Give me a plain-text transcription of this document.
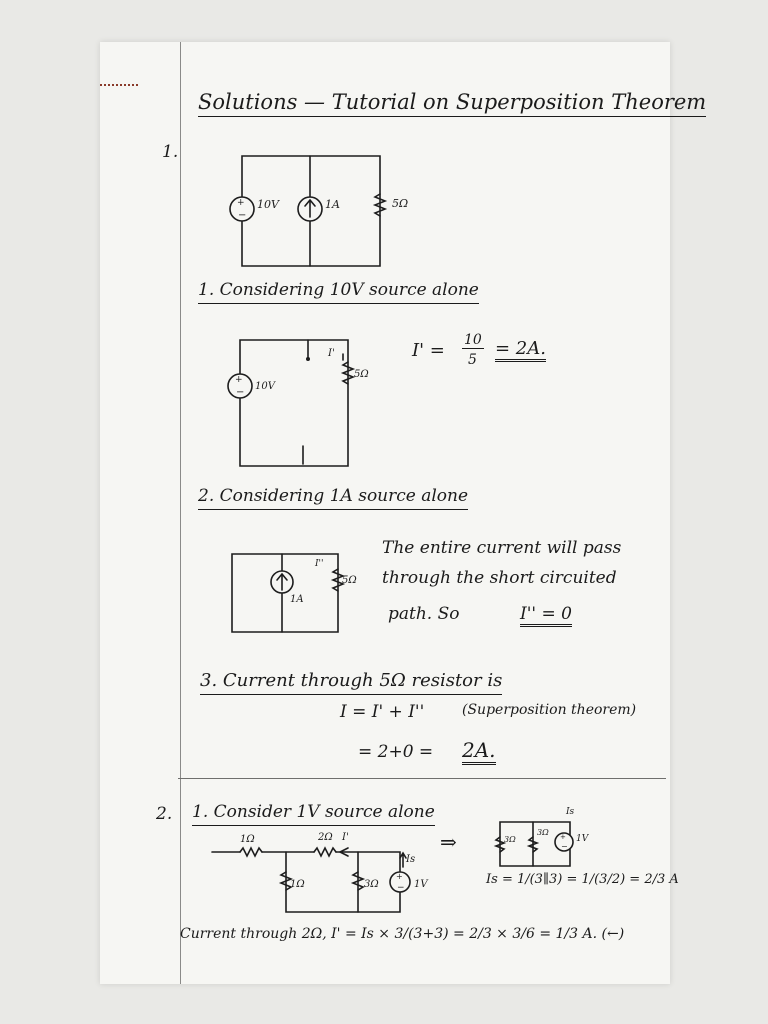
Solutions — Tutorial on Superposition Theorem
1.
+
−
10V	1A	5Ω
1. Considering 10V source alone
+
−
10V
5Ω
I'	I' = 10
5
= 2A.
2. Considering 1A source alone
1A
5Ω
I''
The entire current will pass
through the short circuited
path. So	I'' = 0
3. Current through 5Ω resistor is
I = I' + I''	(Superposition theorem)
= 2+0 = 2A.
2. 1. Consider 1V source alone
+
−
1Ω	2Ω I'
1Ω	3Ω	1V
Is
⇒	+
−
3Ω
3Ω
1V
Is
Is = 1/(3∥3) = 1/(3/2) = 2/3 A
Current through 2Ω, I' = Is × 3/(3+3) = 2/3 × 3/6 = 1/3 A. (←)
